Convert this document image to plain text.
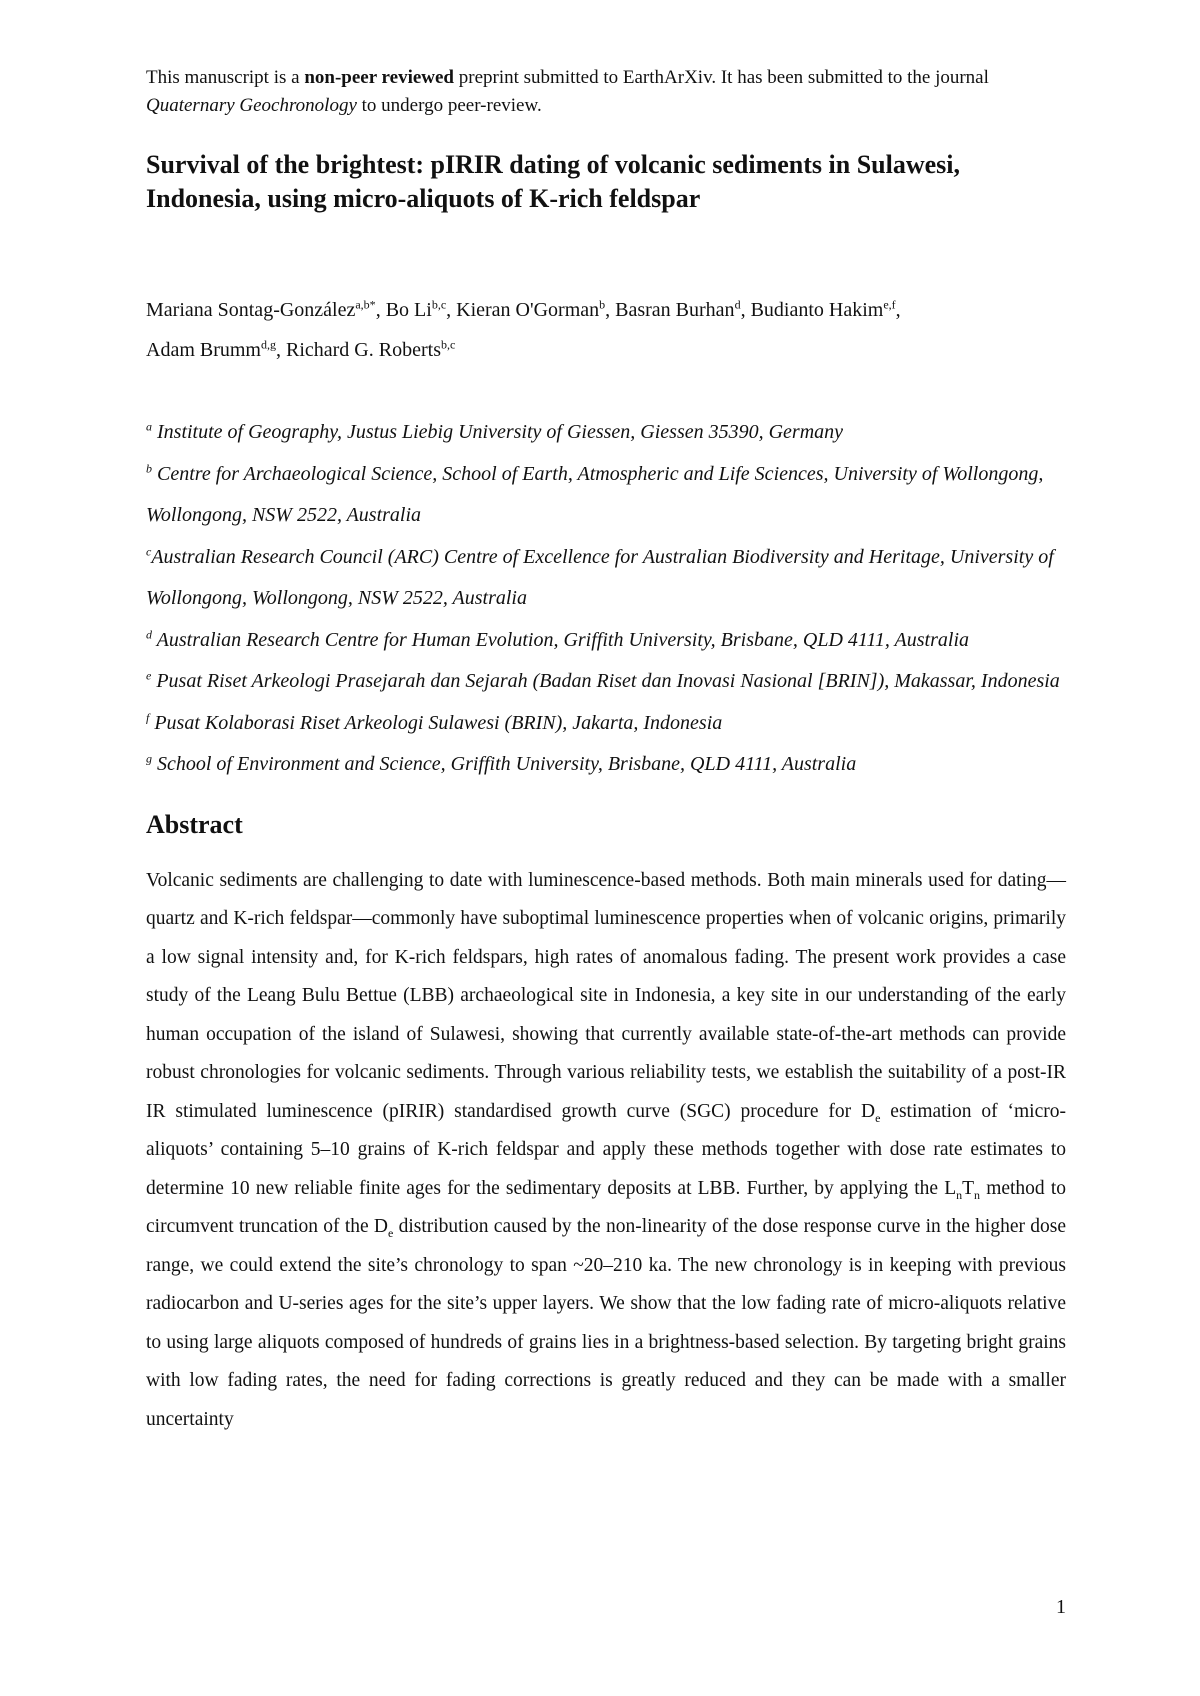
This manuscript is a non-peer reviewed preprint submitted to EarthArXiv. It has been submitted to the journal Quaternary Geochronology to undergo peer-review.

Survival of the brightest: pIRIR dating of volcanic sediments in Sulawesi, Indonesia, using micro-aliquots of K-rich feldspar

Mariana Sontag-González$^{a,b*}$, Bo Li$^{b,c}$, Kieran O'Gorman$^b$, Basran Burhan$^d$, Budianto Hakim$^{e,f}$,
Adam Brumm$^{d,g}$, Richard G. Roberts$^{b,c}$

$^a$ Institute of Geography, Justus Liebig University of Giessen, Giessen 35390, Germany

$^b$ Centre for Archaeological Science, School of Earth, Atmospheric and Life Sciences, University of Wollongong, Wollongong, NSW 2522, Australia

$^c$Australian Research Council (ARC) Centre of Excellence for Australian Biodiversity and Heritage, University of Wollongong, Wollongong, NSW 2522, Australia

$^d$ Australian Research Centre for Human Evolution, Griffith University, Brisbane, QLD 4111, Australia

$^e$ Pusat Riset Arkeologi Prasejarah dan Sejarah (Badan Riset dan Inovasi Nasional [BRIN]), Makassar, Indonesia

$^f$ Pusat Kolaborasi Riset Arkeologi Sulawesi (BRIN), Jakarta, Indonesia

$^g$ School of Environment and Science, Griffith University, Brisbane, QLD 4111, Australia

Abstract

Volcanic sediments are challenging to date with luminescence-based methods. Both main minerals used for dating—quartz and K-rich feldspar—commonly have suboptimal luminescence properties when of volcanic origins, primarily a low signal intensity and, for K-rich feldspars, high rates of anomalous fading. The present work provides a case study of the Leang Bulu Bettue (LBB) archaeological site in Indonesia, a key site in our understanding of the early human occupation of the island of Sulawesi, showing that currently available state-of-the-art methods can provide robust chronologies for volcanic sediments. Through various reliability tests, we establish the suitability of a post-IR IR stimulated luminescence (pIRIR) standardised growth curve (SGC) procedure for $D_e$ estimation of ‘micro-aliquots’ containing 5–10 grains of K-rich feldspar and apply these methods together with dose rate estimates to determine 10 new reliable finite ages for the sedimentary deposits at LBB. Further, by applying the $L_nT_n$ method to circumvent truncation of the $D_e$ distribution caused by the non-linearity of the dose response curve in the higher dose range, we could extend the site’s chronology to span ~20–210 ka. The new chronology is in keeping with previous radiocarbon and U-series ages for the site’s upper layers. We show that the low fading rate of micro-aliquots relative to using large aliquots composed of hundreds of grains lies in a brightness-based selection. By targeting bright grains with low fading rates, the need for fading corrections is greatly reduced and they can be made with a smaller uncertainty

1
